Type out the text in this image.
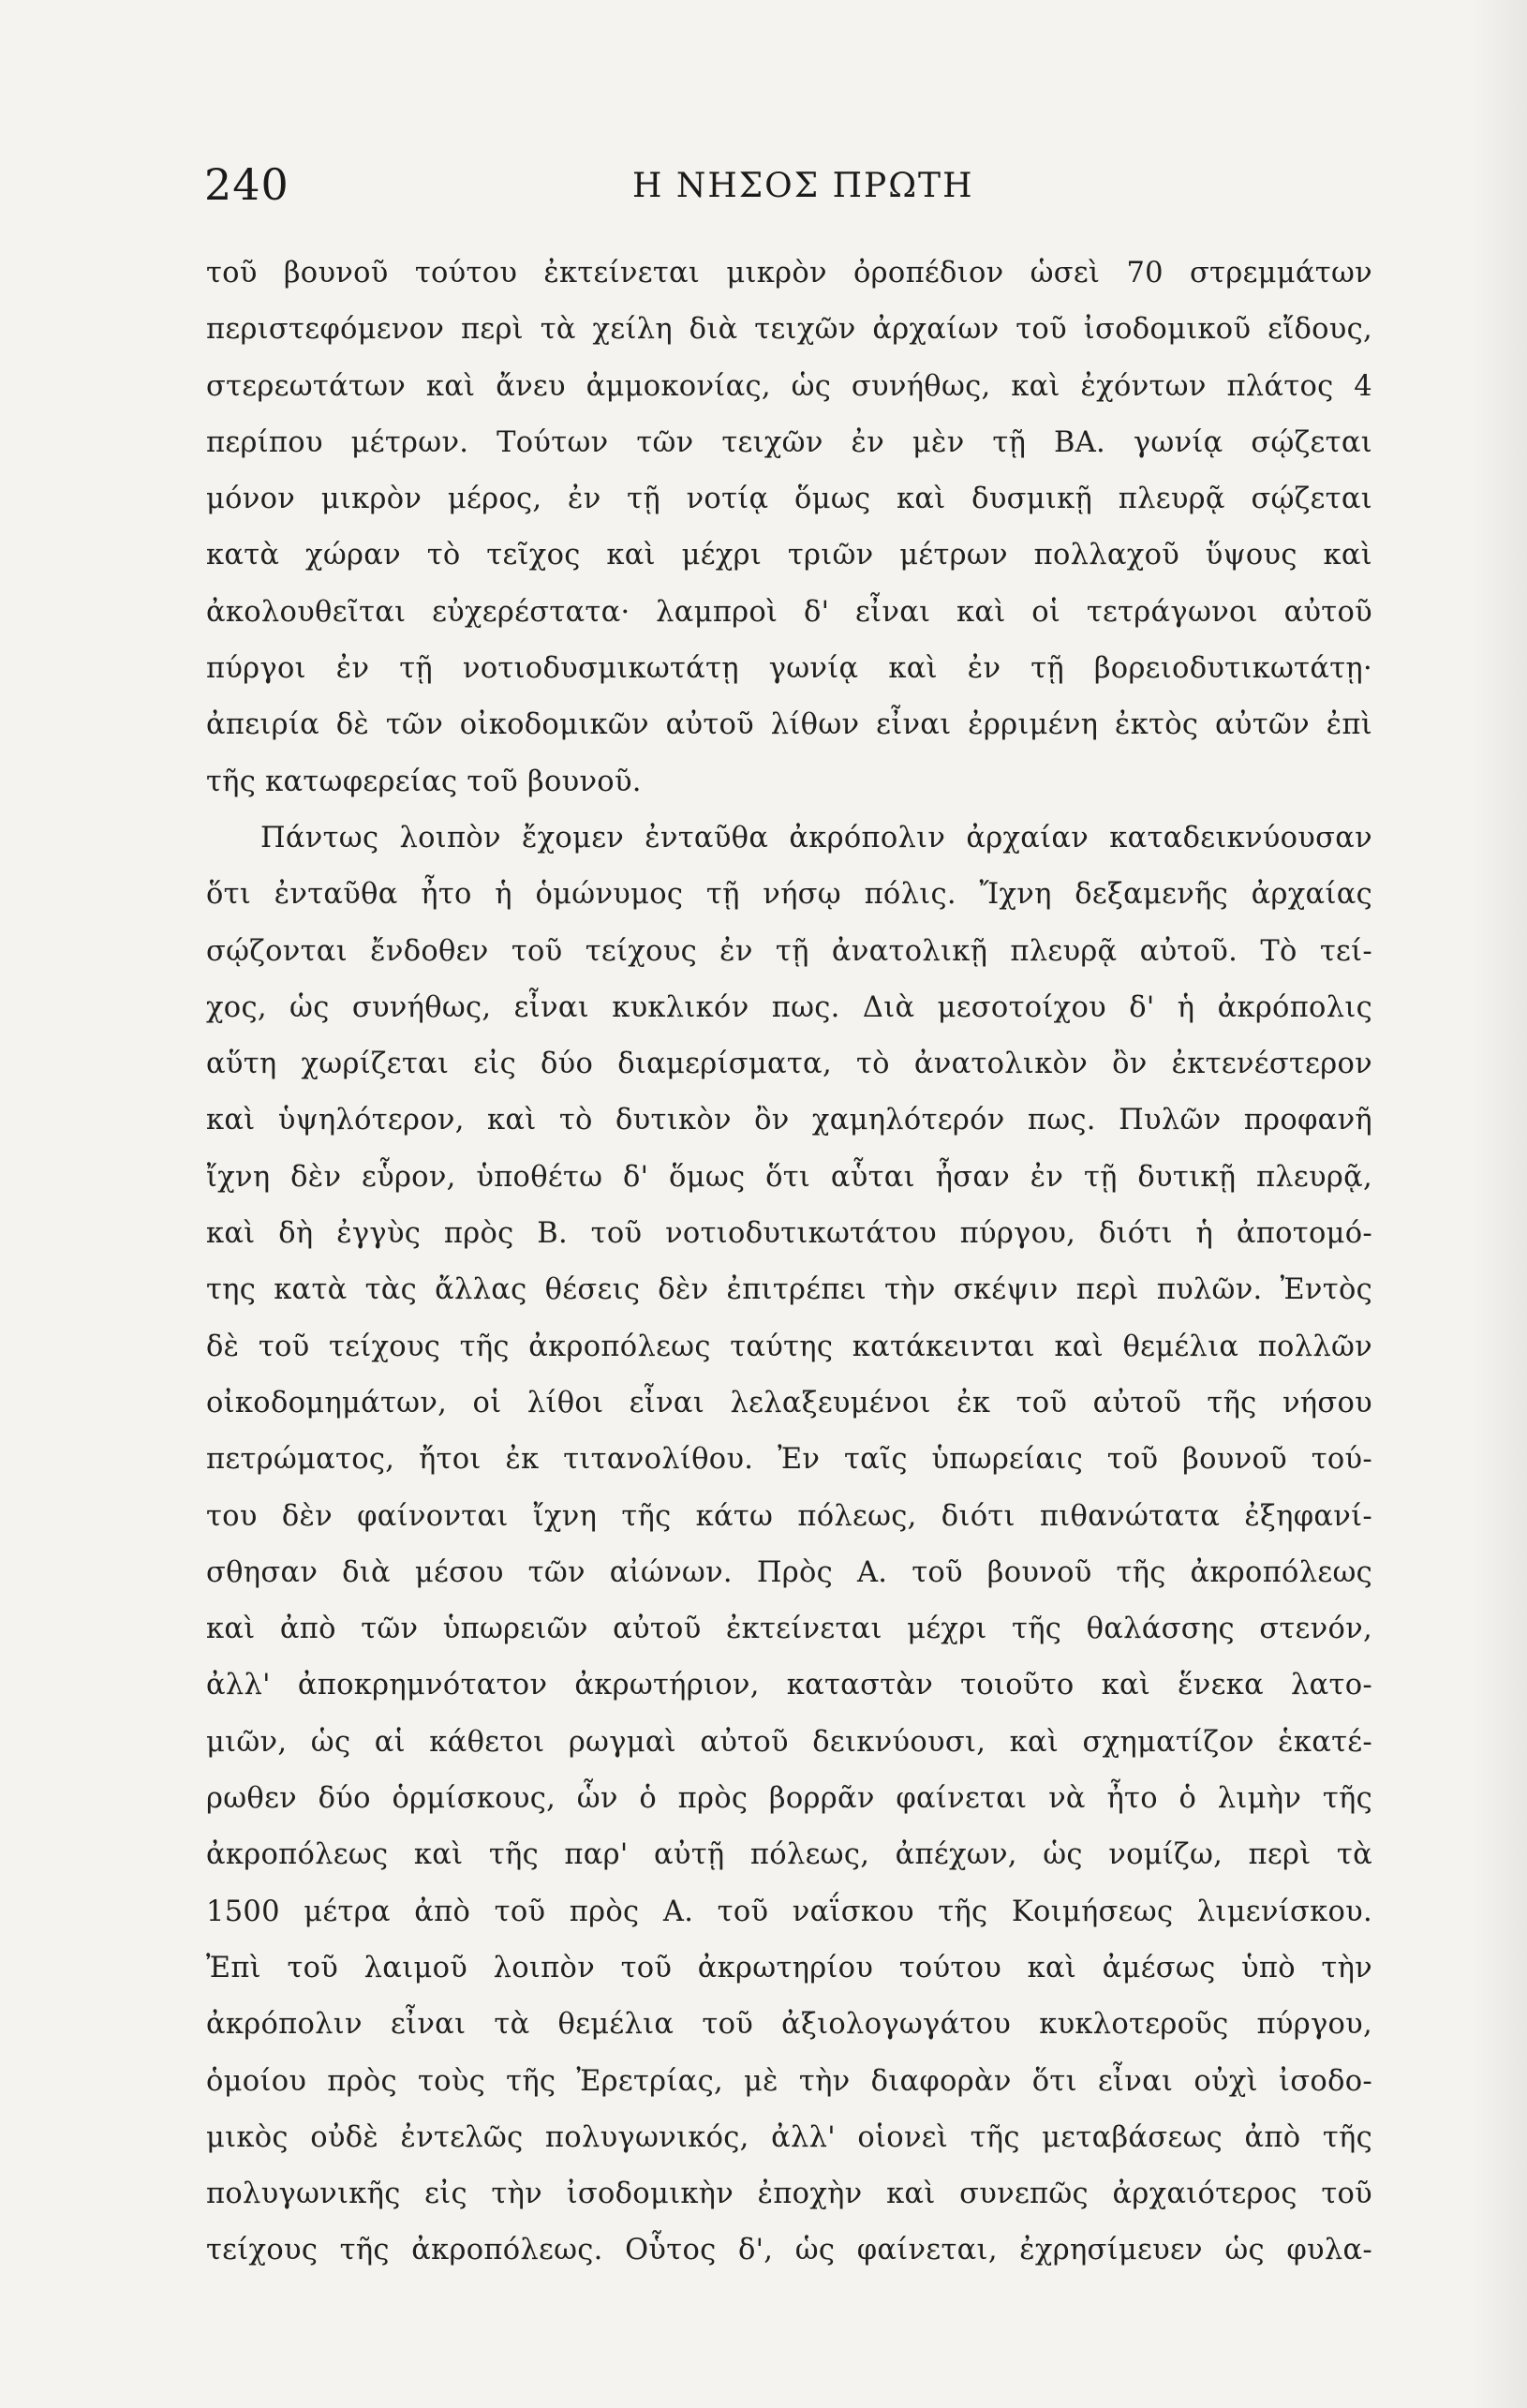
240	Η ΝΗΣΟΣ ΠΡΩΤΗ
τοῦ βουνοῦ τούτου ἐκτείνεται μικρὸν ὀροπέδιον ὡσεὶ 70 στρεμμάτων
περιστεφόμενον περὶ τὰ χείλη διὰ τειχῶν ἀρχαίων τοῦ ἰσοδομικοῦ εἴδους,
στερεωτάτων καὶ ἄνευ ἀμμοκονίας, ὡς συνήθως, καὶ ἐχόντων πλάτος 4
περίπου μέτρων. Τούτων τῶν τειχῶν ἐν μὲν τῇ ΒΑ. γωνίᾳ σῴζεται
μόνον μικρὸν μέρος, ἐν τῇ νοτίᾳ ὅμως καὶ δυσμικῇ πλευρᾷ σῴζεται
κατὰ χώραν τὸ τεῖχος καὶ μέχρι τριῶν μέτρων πολλαχοῦ ὕψους καὶ
ἀκολουθεῖται εὐχερέστατα· λαμπροὶ δ' εἶναι καὶ οἱ τετράγωνοι αὐτοῦ
πύργοι ἐν τῇ νοτιοδυσμικωτάτῃ γωνίᾳ καὶ ἐν τῇ βορειοδυτικωτάτῃ·
ἀπειρία δὲ τῶν οἰκοδομικῶν αὐτοῦ λίθων εἶναι ἐρριμένη ἐκτὸς αὐτῶν ἐπὶ
τῆς κατωφερείας τοῦ βουνοῦ.
Πάντως λοιπὸν ἔχομεν ἐνταῦθα ἀκρόπολιν ἀρχαίαν καταδεικνύουσαν
ὅτι ἐνταῦθα ἦτο ἡ ὁμώνυμος τῇ νήσῳ πόλις. Ἴχνη δεξαμενῆς ἀρχαίας
σῴζονται ἔνδοθεν τοῦ τείχους ἐν τῇ ἀνατολικῇ πλευρᾷ αὐτοῦ. Τὸ τεί-
χος, ὡς συνήθως, εἶναι κυκλικόν πως. Διὰ μεσοτοίχου δ' ἡ ἀκρόπολις
αὕτη χωρίζεται εἰς δύο διαμερίσματα, τὸ ἀνατολικὸν ὂν ἐκτενέστερον
καὶ ὑψηλότερον, καὶ τὸ δυτικὸν ὂν χαμηλότερόν πως. Πυλῶν προφανῆ
ἴχνη δὲν εὗρον, ὑποθέτω δ' ὅμως ὅτι αὗται ἦσαν ἐν τῇ δυτικῇ πλευρᾷ,
καὶ δὴ ἐγγὺς πρὸς Β. τοῦ νοτιοδυτικωτάτου πύργου, διότι ἡ ἀποτομό-
της κατὰ τὰς ἄλλας θέσεις δὲν ἐπιτρέπει τὴν σκέψιν περὶ πυλῶν. Ἐντὸς
δὲ τοῦ τείχους τῆς ἀκροπόλεως ταύτης κατάκεινται καὶ θεμέλια πολλῶν
οἰκοδομημάτων, οἱ λίθοι εἶναι λελαξευμένοι ἐκ τοῦ αὐτοῦ τῆς νήσου
πετρώματος, ἤτοι ἐκ τιτανολίθου. Ἐν ταῖς ὑπωρείαις τοῦ βουνοῦ τού-
του δὲν φαίνονται ἴχνη τῆς κάτω πόλεως, διότι πιθανώτατα ἐξηφανί-
σθησαν διὰ μέσου τῶν αἰώνων. Πρὸς Α. τοῦ βουνοῦ τῆς ἀκροπόλεως
καὶ ἀπὸ τῶν ὑπωρειῶν αὐτοῦ ἐκτείνεται μέχρι τῆς θαλάσσης στενόν,
ἀλλ' ἀποκρημνότατον ἀκρωτήριον, καταστὰν τοιοῦτο καὶ ἕνεκα λατο-
μιῶν, ὡς αἱ κάθετοι ρωγμαὶ αὐτοῦ δεικνύουσι, καὶ σχηματίζον ἑκατέ-
ρωθεν δύο ὁρμίσκους, ὧν ὁ πρὸς βορρᾶν φαίνεται νὰ ἦτο ὁ λιμὴν τῆς
ἀκροπόλεως καὶ τῆς παρ' αὐτῇ πόλεως, ἀπέχων, ὡς νομίζω, περὶ τὰ
1500 μέτρα ἀπὸ τοῦ πρὸς Α. τοῦ ναΐσκου τῆς Κοιμήσεως λιμενίσκου.
Ἐπὶ τοῦ λαιμοῦ λοιπὸν τοῦ ἀκρωτηρίου τούτου καὶ ἀμέσως ὑπὸ τὴν
ἀκρόπολιν εἶναι τὰ θεμέλια τοῦ ἀξιολογωγάτου κυκλοτεροῦς πύργου,
ὁμοίου πρὸς τοὺς τῆς Ἐρετρίας, μὲ τὴν διαφορὰν ὅτι εἶναι οὐχὶ ἰσοδο-
μικὸς οὐδὲ ἐντελῶς πολυγωνικός, ἀλλ' οἱονεὶ τῆς μεταβάσεως ἀπὸ τῆς
πολυγωνικῆς εἰς τὴν ἰσοδομικὴν ἐποχὴν καὶ συνεπῶς ἀρχαιότερος τοῦ
τείχους τῆς ἀκροπόλεως. Οὗτος δ', ὡς φαίνεται, ἐχρησίμευεν ὡς φυλα-
